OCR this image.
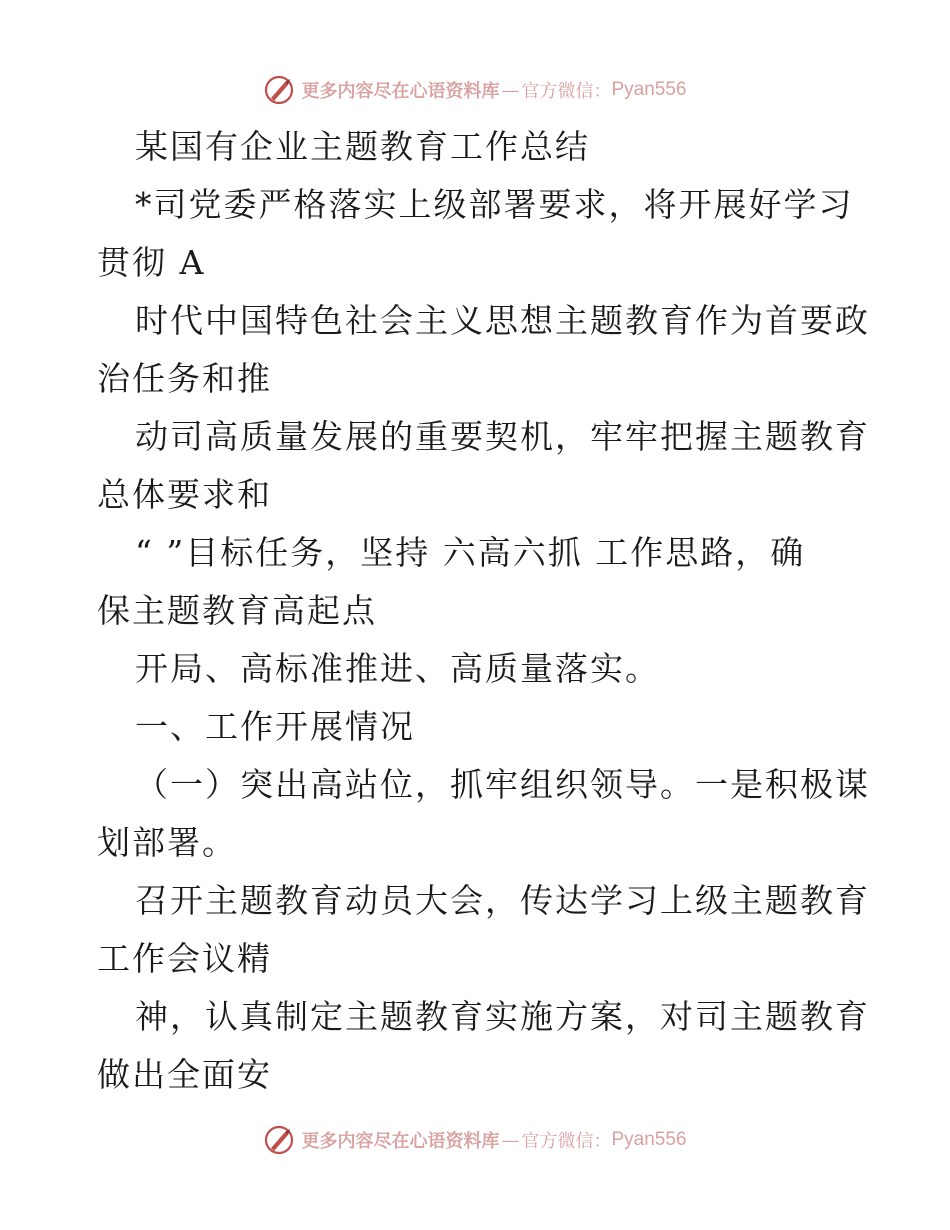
更多内容尽在心语资料库 — 官方微信： Pyan556
某国有企业主题教育工作总结
*司党委严格落实上级部署要求，将开展好学习
贯彻 A
时代中国特色社会主义思想主题教育作为首要政
治任务和推
动司高质量发展的重要契机，牢牢把握主题教育
总体要求和
“ ”目标任务，坚持 六高六抓 工作思路，确
保主题教育高起点
开局、高标准推进、高质量落实。
一、工作开展情况
（一）突出高站位，抓牢组织领导。一是积极谋
划部署。
召开主题教育动员大会，传达学习上级主题教育
工作会议精
神，认真制定主题教育实施方案，对司主题教育
做出全面安
更多内容尽在心语资料库 — 官方微信： Pyan556
